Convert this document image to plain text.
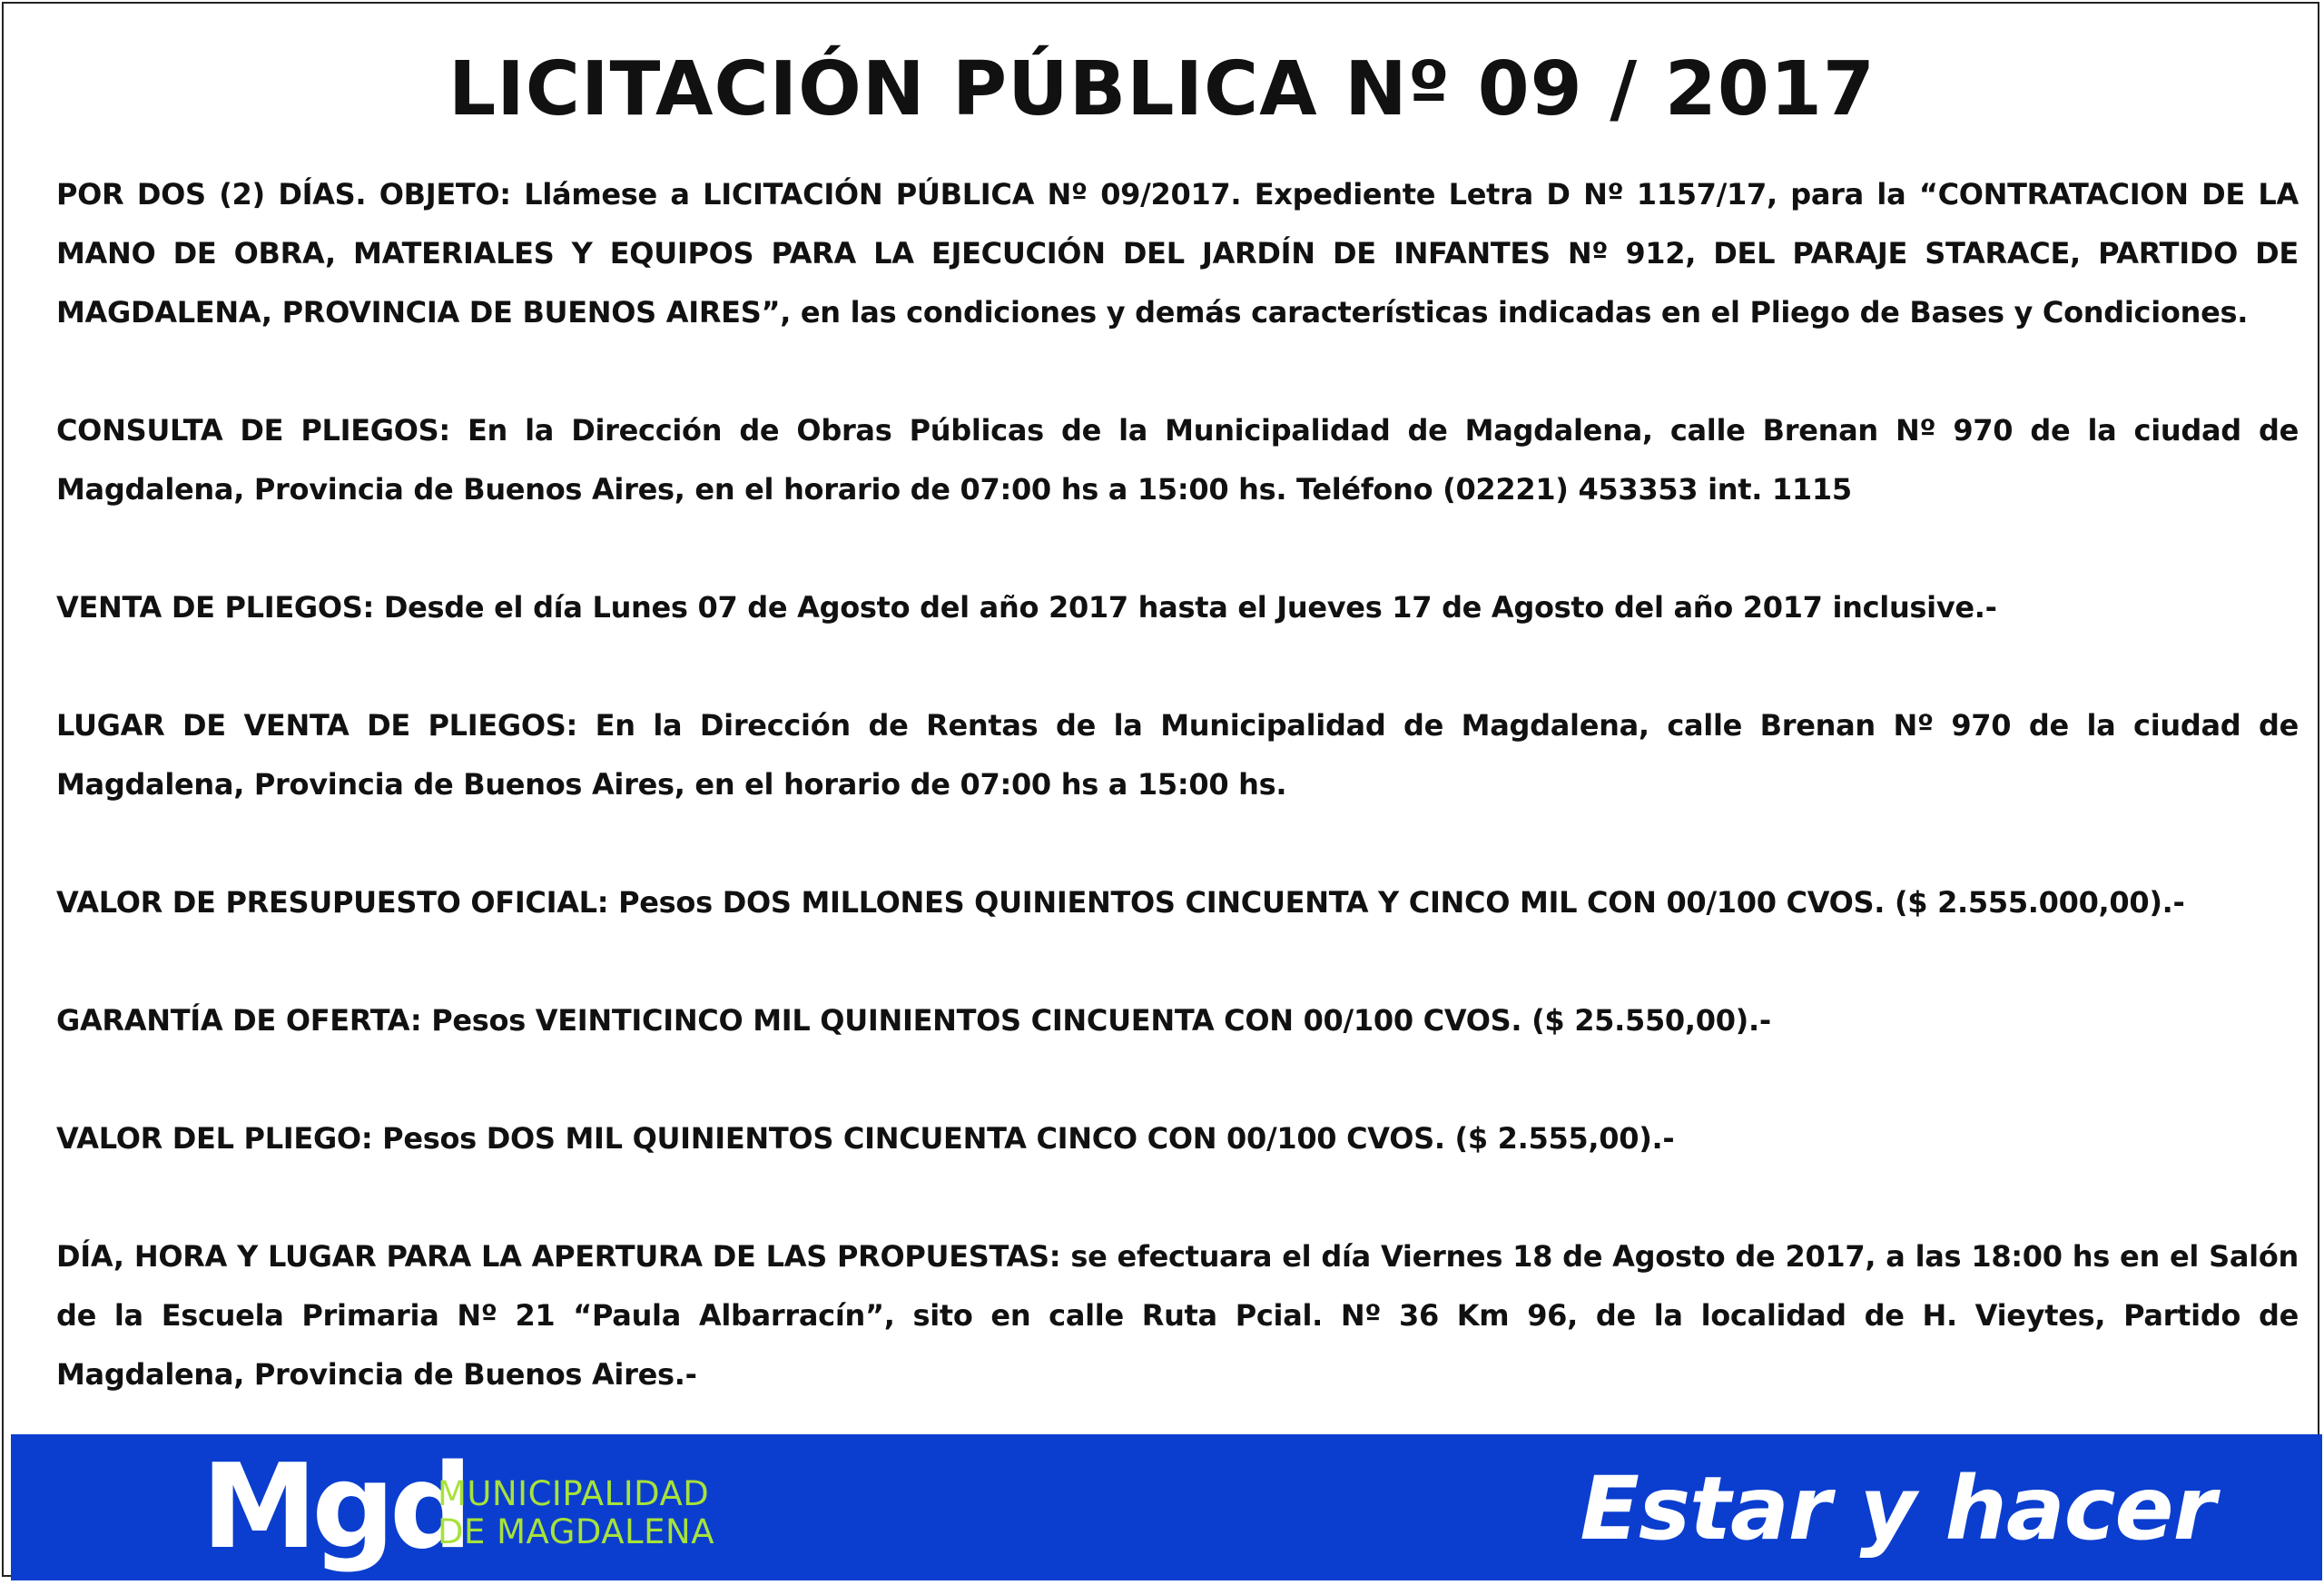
LICITACIÓN PÚBLICA Nº 09 / 2017

POR DOS (2) DÍAS. OBJETO: Llámese a LICITACIÓN PÚBLICA Nº 09/2017. Expediente Letra D Nº 1157/17, para la “CONTRATACION DE LA MANO DE OBRA, MATERIALES Y EQUIPOS PARA LA EJECUCIÓN DEL JARDÍN DE INFANTES Nº 912, DEL PARAJE STARACE, PARTIDO DE MAGDALENA, PROVINCIA DE BUENOS AIRES”, en las condiciones y demás características indicadas en el Pliego de Bases y Condiciones.

CONSULTA DE PLIEGOS: En la Dirección de Obras Públicas de la Municipalidad de Magdalena, calle Brenan Nº 970 de la ciudad de Magdalena, Provincia de Buenos Aires, en el horario de 07:00 hs a 15:00 hs. Teléfono (02221) 453353 int. 1115

VENTA DE PLIEGOS: Desde el día Lunes 07 de Agosto del año 2017 hasta el Jueves 17 de Agosto del año 2017 inclusive.-

LUGAR DE VENTA DE PLIEGOS: En la Dirección de Rentas de la Municipalidad de Magdalena, calle Brenan Nº 970 de la ciudad de Magdalena, Provincia de Buenos Aires, en el horario de 07:00 hs a 15:00 hs.

VALOR DE PRESUPUESTO OFICIAL: Pesos DOS MILLONES QUINIENTOS CINCUENTA Y CINCO MIL CON 00/100 CVOS. ($ 2.555.000,00).-

GARANTÍA DE OFERTA: Pesos VEINTICINCO MIL QUINIENTOS CINCUENTA CON 00/100 CVOS. ($ 25.550,00).-

VALOR DEL PLIEGO: Pesos DOS MIL QUINIENTOS CINCUENTA CINCO CON 00/100 CVOS. ($ 2.555,00).-

DÍA, HORA Y LUGAR PARA LA APERTURA DE LAS PROPUESTAS: se efectuara el día Viernes 18 de Agosto de 2017, a las 18:00 hs en el Salón de la Escuela Primaria Nº 21 “Paula Albarracín”, sito en calle Ruta Pcial. Nº 36 Km 96, de la localidad de H. Vieytes, Partido de Magdalena, Provincia de Buenos Aires.-

Mgd
MUNICIPALIDAD
DE MAGDALENA	Estar y hacer
